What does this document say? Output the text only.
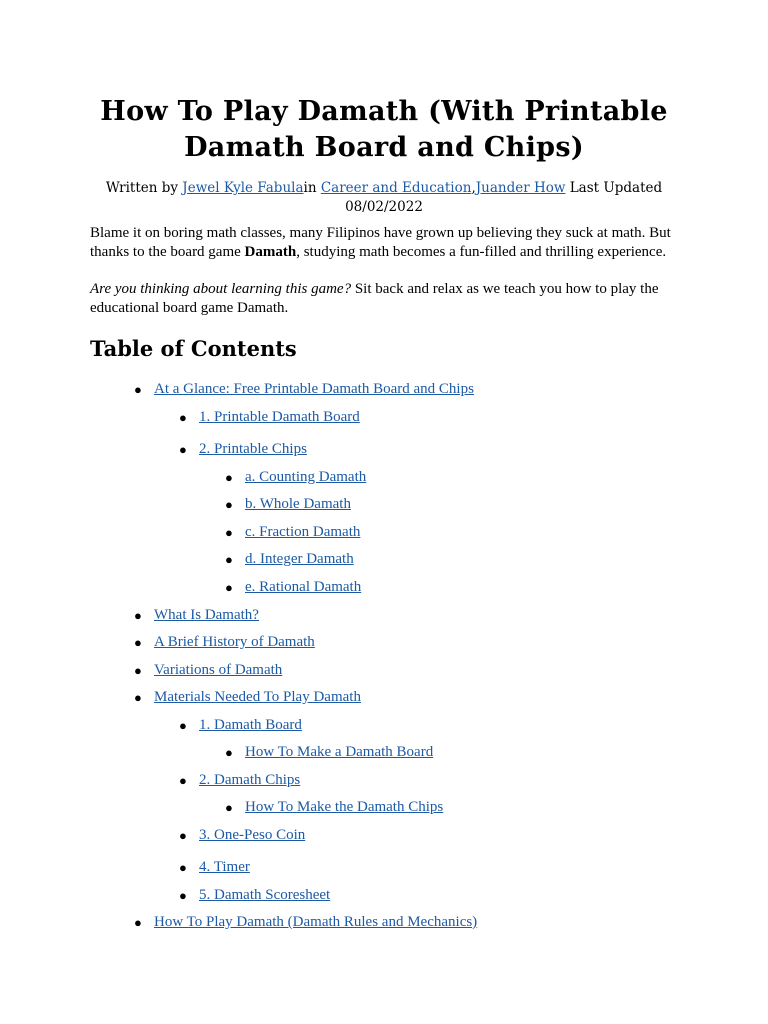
How To Play Damath (With Printable Damath Board and Chips)
Written by Jewel Kyle Fabulain Career and Education,Juander How Last Updated
08/02/2022

Blame it on boring math classes, many Filipinos have grown up believing they suck at math. But thanks to the board game Damath, studying math becomes a fun-filled and thrilling experience.

Are you thinking about learning this game? Sit back and relax as we teach you how to play the educational board game Damath.

Table of Contents
● At a Glance: Free Printable Damath Board and Chips
● 1. Printable Damath Board
● 2. Printable Chips
● a. Counting Damath
● b. Whole Damath
● c. Fraction Damath
● d. Integer Damath
● e. Rational Damath
● What Is Damath?
● A Brief History of Damath
● Variations of Damath
● Materials Needed To Play Damath
● 1. Damath Board
● How To Make a Damath Board
● 2. Damath Chips
● How To Make the Damath Chips
● 3. One-Peso Coin
● 4. Timer
● 5. Damath Scoresheet
● How To Play Damath (Damath Rules and Mechanics)
